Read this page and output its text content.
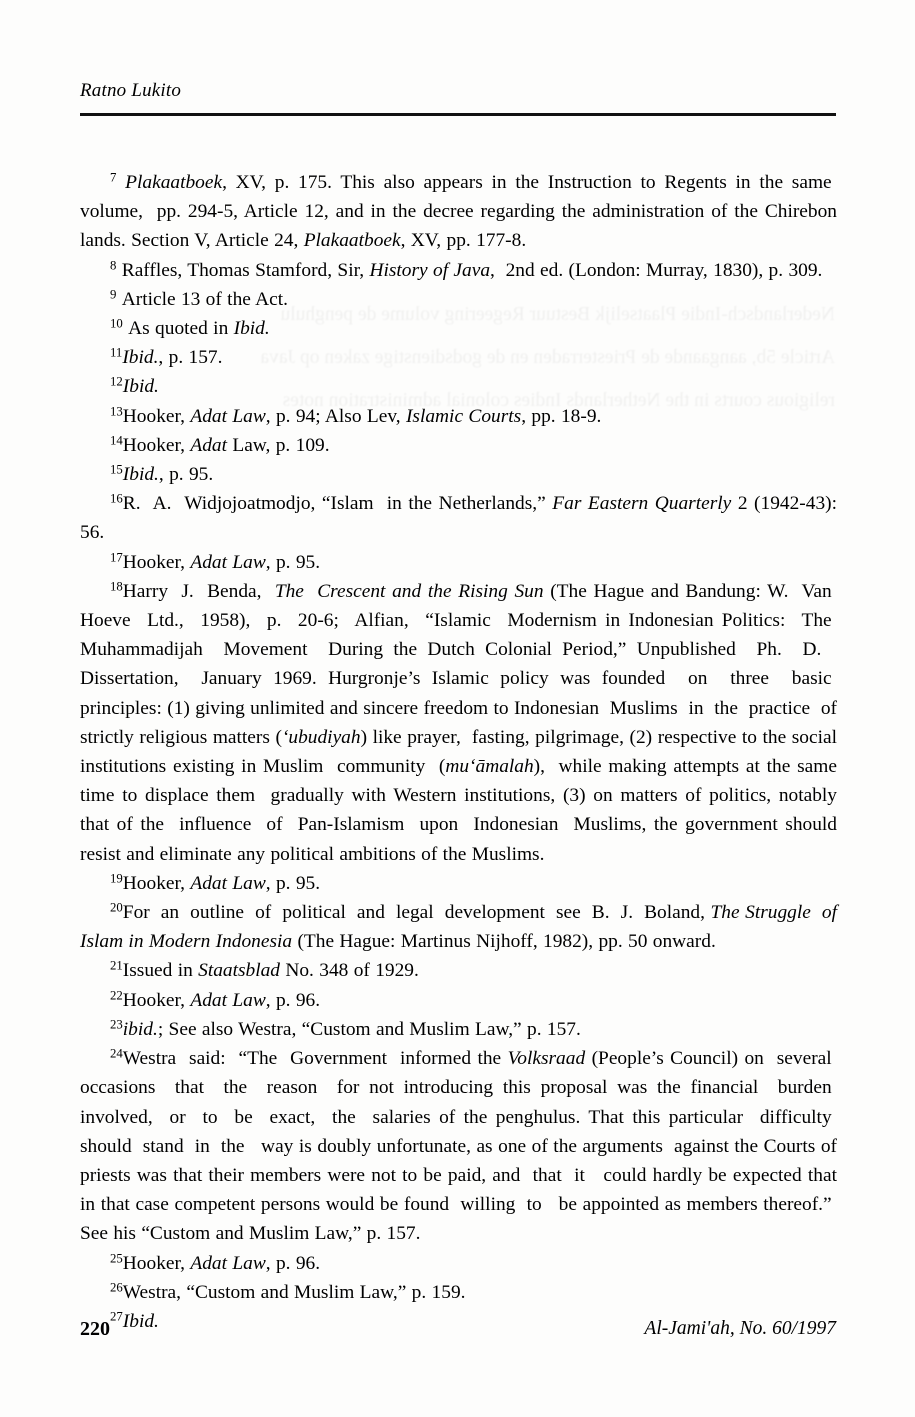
Nederlandsch-Indie Plaatselijk Bestuur Regeering volume de penghulu

Article 5b, aangaande de Priesterraden en de godsdienstige zaken op Java

religious courts in the Netherlands Indies colonial administration notes

Ratno Lukito

$^7$ Plakaatboek, XV, p. 175. This also appears in the Instruction to Regents in the same  volume,  pp. 294-5, Article 12, and in the decree regarding the administration of the Chirebon lands. Section V, Article 24, Plakaatboek, XV, pp. 177-8.

$^8$ Raffles, Thomas Stamford, Sir, History of Java,  2nd ed. (London: Murray, 1830), p. 309.

$^9$ Article 13 of the Act.

$^{10}$ As quoted in Ibid.

$^{11}$Ibid., p. 157.

$^{12}$Ibid.

$^{13}$Hooker, Adat Law, p. 94; Also Lev, Islamic Courts, pp. 18-9.

$^{14}$Hooker, Adat Law, p. 109.

$^{15}$Ibid., p. 95.

$^{16}$R.  A.  Widjojoatmodjo, “Islam  in the Netherlands,” Far Eastern Quarterly 2 (1942-43): 56.

$^{17}$Hooker, Adat Law, p. 95.

$^{18}$Harry  J.  Benda,  The  Crescent and the Rising Sun (The Hague and Bandung: W.  Van  Hoeve  Ltd.,  1958),  p.  20-6;  Alfian,  “Islamic  Modernism in Indonesian Politics:  The  Muhammadijah  Movement  During the Dutch Colonial Period,” Unpublished  Ph.  D.   Dissertation,  January 1969. Hurgronje’s Islamic policy was founded  on  three  basic  principles: (1) giving unlimited and sincere freedom to Indonesian  Muslims  in  the  practice  of strictly religious matters (‘ubudiyah) like prayer,  fasting, pilgrimage, (2) respective to the social institutions existing in Muslim  community  (mu‘āmalah),  while making attempts at the same time to displace them  gradually with Western institutions, (3) on matters of politics, notably that of the  influence  of  Pan-Islamism  upon  Indonesian  Muslims, the government should resist and eliminate any political ambitions of the Muslims.

$^{19}$Hooker, Adat Law, p. 95.

$^{20}$For  an  outline  of  political  and  legal  development  see  B.  J.  Boland, The Struggle  of Islam in Modern Indonesia (The Hague: Martinus Nijhoff, 1982), pp. 50 onward.

$^{21}$Issued in Staatsblad No. 348 of 1929.

$^{22}$Hooker, Adat Law, p. 96.

$^{23}$ibid.; See also Westra, “Custom and Muslim Law,” p. 157.

$^{24}$Westra  said:  “The  Government  informed the Volksraad (People’s Council) on  several  occasions  that  the  reason  for not introducing this proposal was the financial  burden  involved,  or  to  be  exact,  the  salaries of the penghulus. That this particular  difficulty  should  stand  in  the   way is doubly unfortunate, as one of the arguments  against the Courts of priests was that their members were not to be paid, and  that  it   could hardly be expected that in that case competent persons would be found  willing  to   be appointed as members thereof.”  See his “Custom and Muslim Law,” p. 157.

$^{25}$Hooker, Adat Law, p. 96.

$^{26}$Westra, “Custom and Muslim Law,” p. 159.

$^{27}$Ibid.

220	Al-Jami'ah, No. 60/1997
